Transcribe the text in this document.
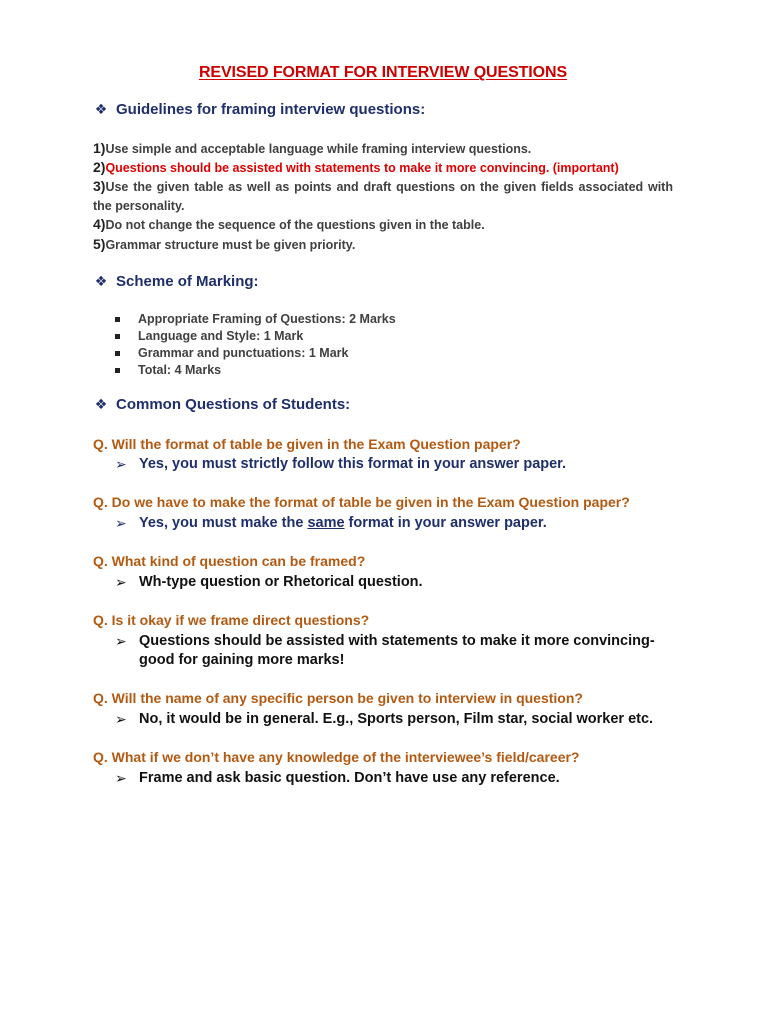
REVISED FORMAT FOR INTERVIEW QUESTIONS
❖ Guidelines for framing interview questions:
1)Use simple and acceptable language while framing interview questions.
2)Questions should be assisted with statements to make it more convincing. (important)
3)Use the given table as well as points and draft questions on the given fields associated with the personality.
4)Do not change the sequence of the questions given in the table.
5)Grammar structure must be given priority.
❖ Scheme of Marking:
Appropriate Framing of Questions: 2 Marks
Language and Style: 1 Mark
Grammar and punctuations: 1 Mark
Total: 4 Marks
❖ Common Questions of Students:
Q. Will the format of table be given in the Exam Question paper?
➢ Yes, you must strictly follow this format in your answer paper.
Q. Do we have to make the format of table be given in the Exam Question paper?
➢ Yes, you must make the same format in your answer paper.
Q. What kind of question can be framed?
➢ Wh-type question or Rhetorical question.
Q. Is it okay if we frame direct questions?
➢ Questions should be assisted with statements to make it more convincing- good for gaining more marks!
Q. Will the name of any specific person be given to interview in question?
➢ No, it would be in general. E.g., Sports person, Film star, social worker etc.
Q. What if we don’t have any knowledge of the interviewee’s field/career?
➢ Frame and ask basic question. Don’t have use any reference.
